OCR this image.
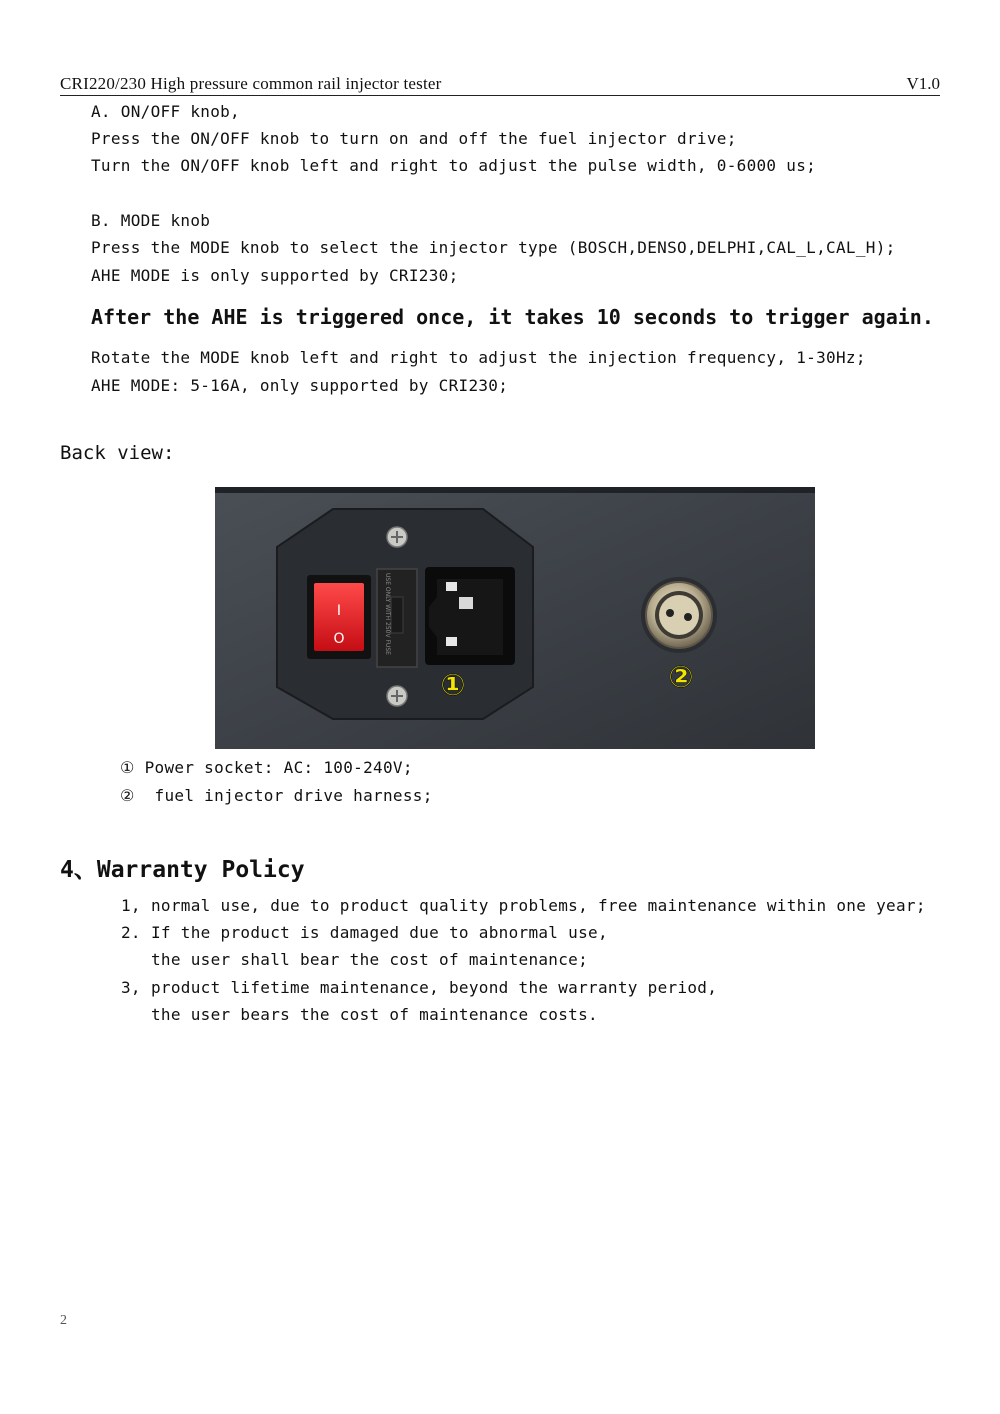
CRI220/230 High pressure common rail injector tester	V1.0
A. ON/OFF knob,
Press the ON/OFF knob to turn on and off the fuel injector drive;
Turn the ON/OFF knob left and right to adjust the pulse width, 0-6000 us;
B. MODE knob
Press the MODE knob to select the injector type (BOSCH,DENSO,DELPHI,CAL_L,CAL_H);
AHE MODE is only supported by CRI230;
After the AHE is triggered once, it takes 10 seconds to trigger again.
Rotate the MODE knob left and right to adjust the injection frequency, 1-30Hz;
AHE MODE: 5-16A, only supported by CRI230;
Back view:
I
O	USE ONLY WITH 250V FUSE
①	②
① Power socket: AC: 100-240V;
②  fuel injector drive harness;
4、Warranty Policy
1, normal use, due to product quality problems, free maintenance within one year;
2. If the product is damaged due to abnormal use,
the user shall bear the cost of maintenance;
3, product lifetime maintenance, beyond the warranty period,
the user bears the cost of maintenance costs.
2
